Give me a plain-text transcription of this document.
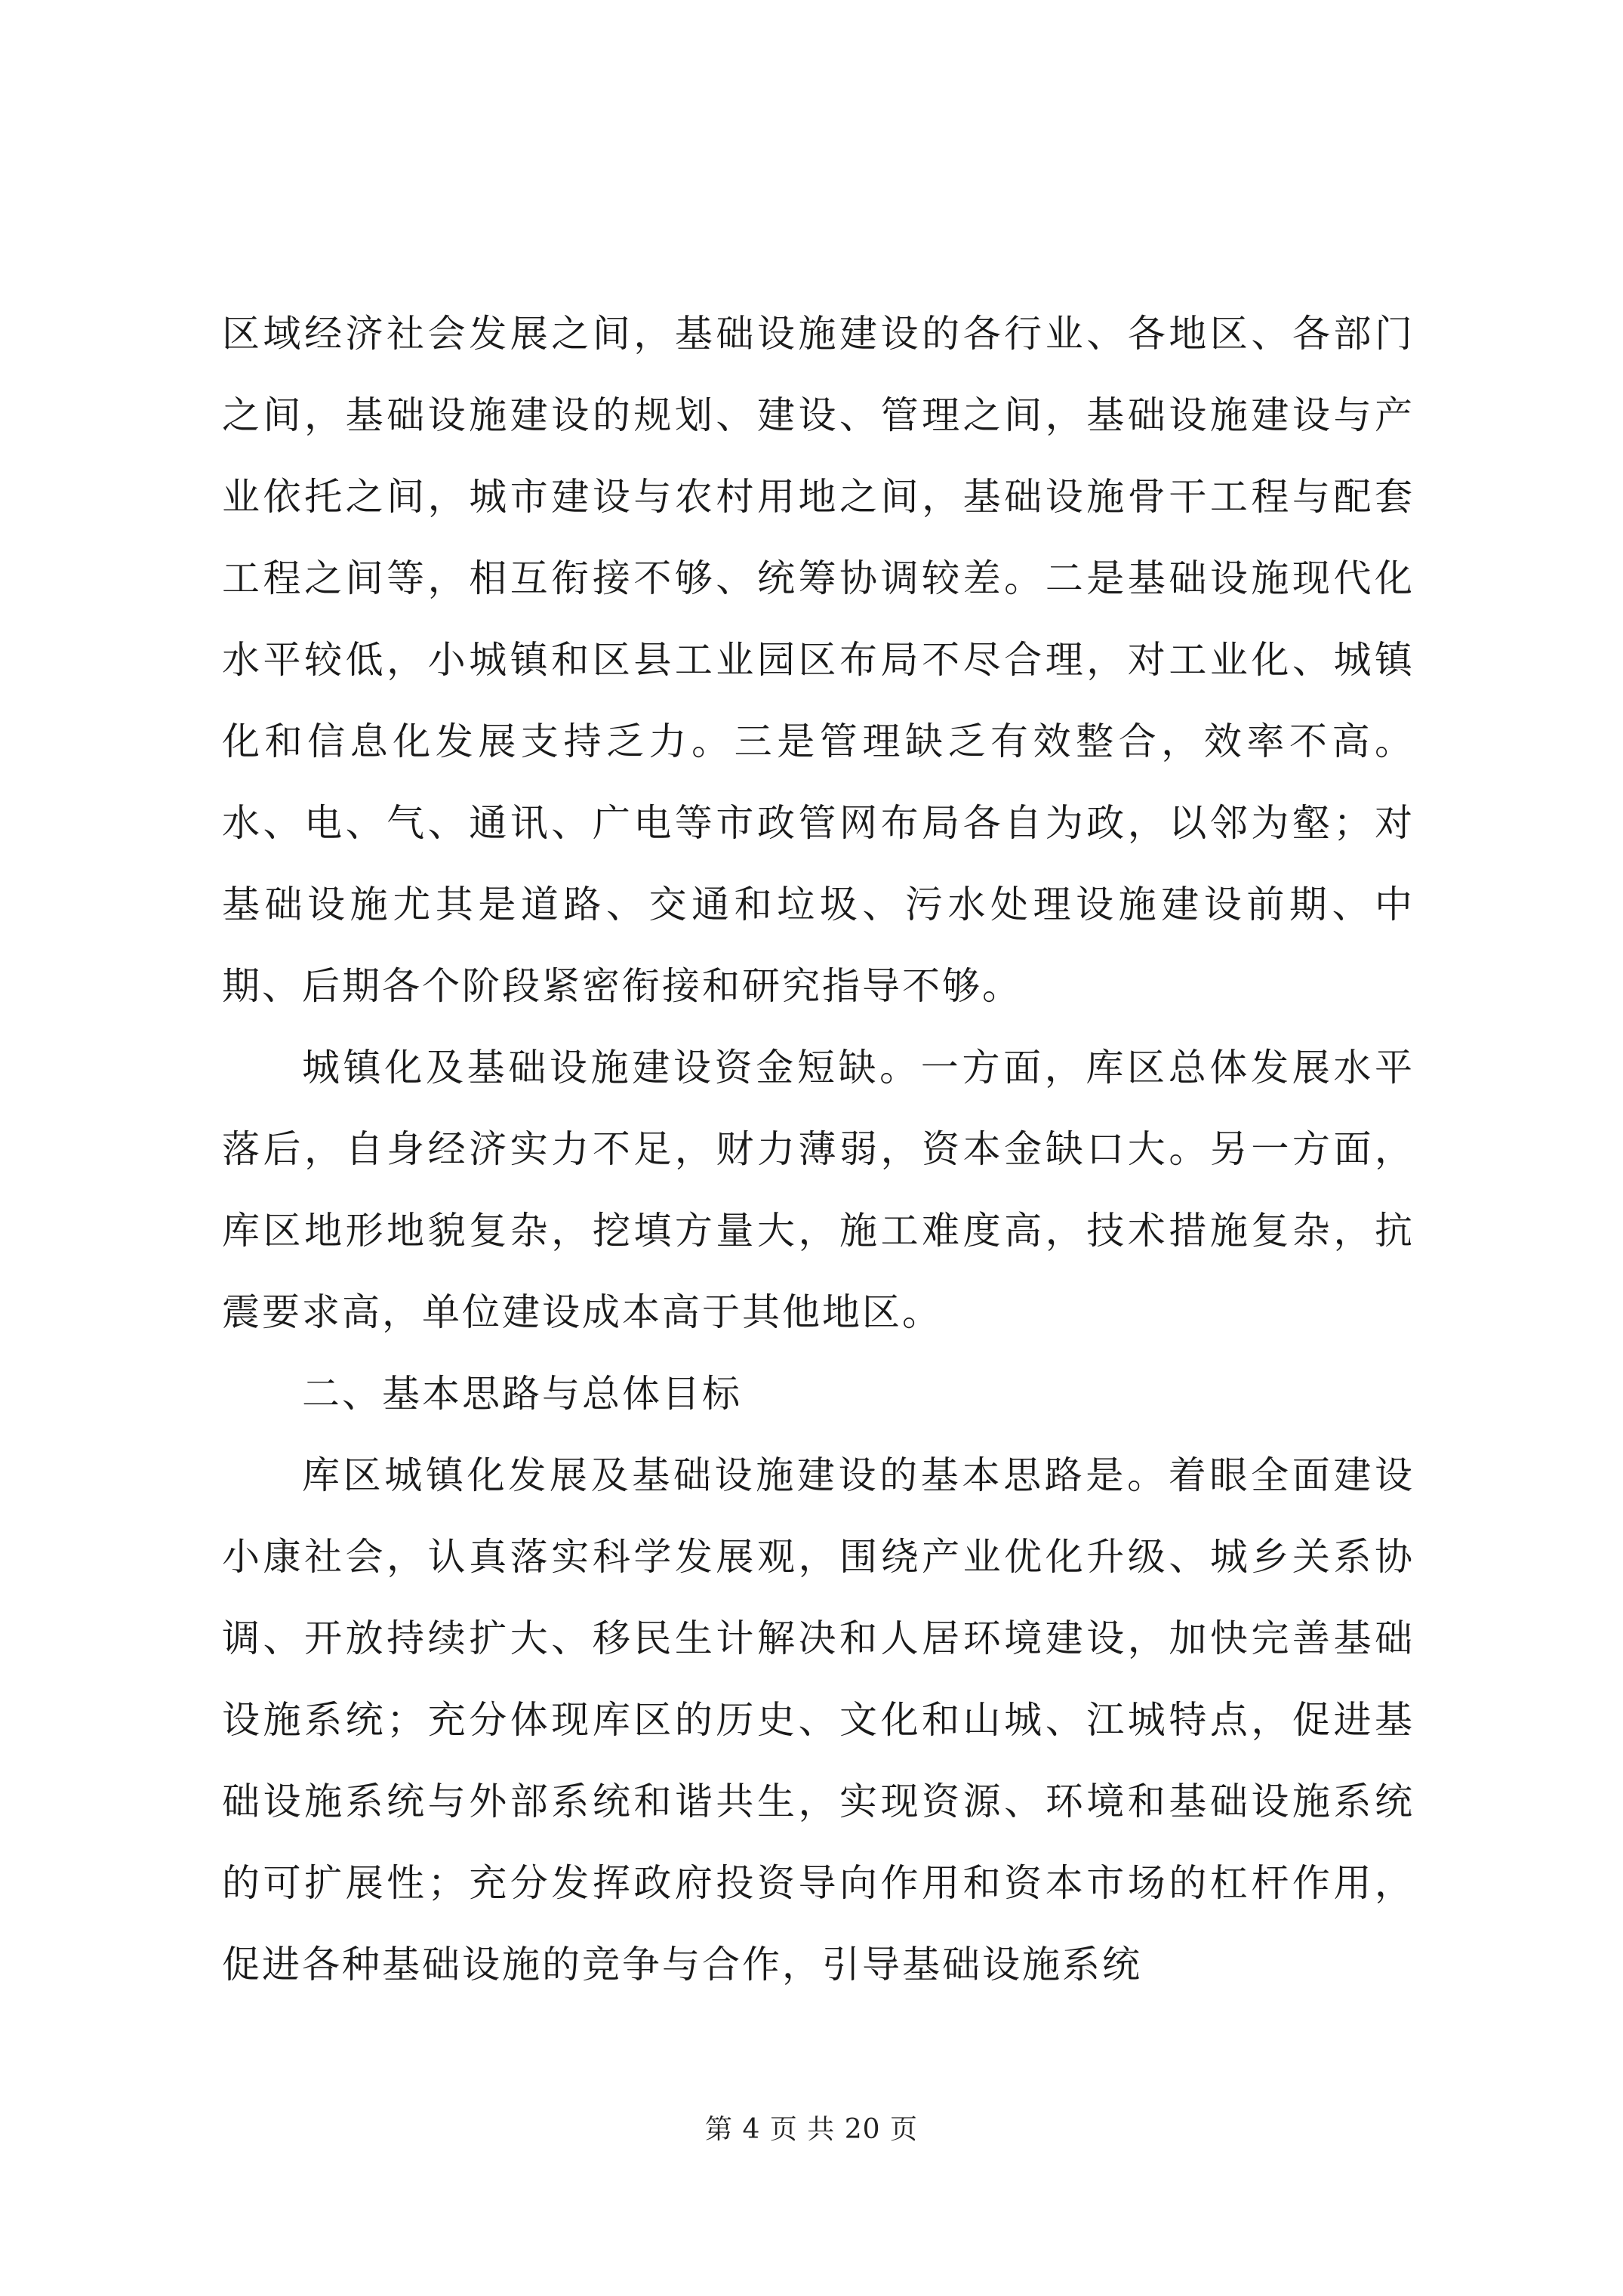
区域经济社会发展之间，基础设施建设的各行业、各地区、各部门之间，基础设施建设的规划、建设、管理之间，基础设施建设与产业依托之间，城市建设与农村用地之间，基础设施骨干工程与配套工程之间等，相互衔接不够、统筹协调较差。二是基础设施现代化水平较低，小城镇和区县工业园区布局不尽合理，对工业化、城镇化和信息化发展支持乏力。三是管理缺乏有效整合，效率不高。水、电、气、通讯、广电等市政管网布局各自为政，以邻为壑；对基础设施尤其是道路、交通和垃圾、污水处理设施建设前期、中期、后期各个阶段紧密衔接和研究指导不够。

城镇化及基础设施建设资金短缺。一方面，库区总体发展水平落后，自身经济实力不足，财力薄弱，资本金缺口大。另一方面，库区地形地貌复杂，挖填方量大，施工难度高，技术措施复杂，抗震要求高，单位建设成本高于其他地区。

二、基本思路与总体目标

库区城镇化发展及基础设施建设的基本思路是。着眼全面建设小康社会，认真落实科学发展观，围绕产业优化升级、城乡关系协调、开放持续扩大、移民生计解决和人居环境建设，加快完善基础设施系统；充分体现库区的历史、文化和山城、江城特点，促进基础设施系统与外部系统和谐共生，实现资源、环境和基础设施系统的可扩展性；充分发挥政府投资导向作用和资本市场的杠杆作用，促进各种基础设施的竞争与合作，引导基础设施系统

第 4 页 共 20 页
